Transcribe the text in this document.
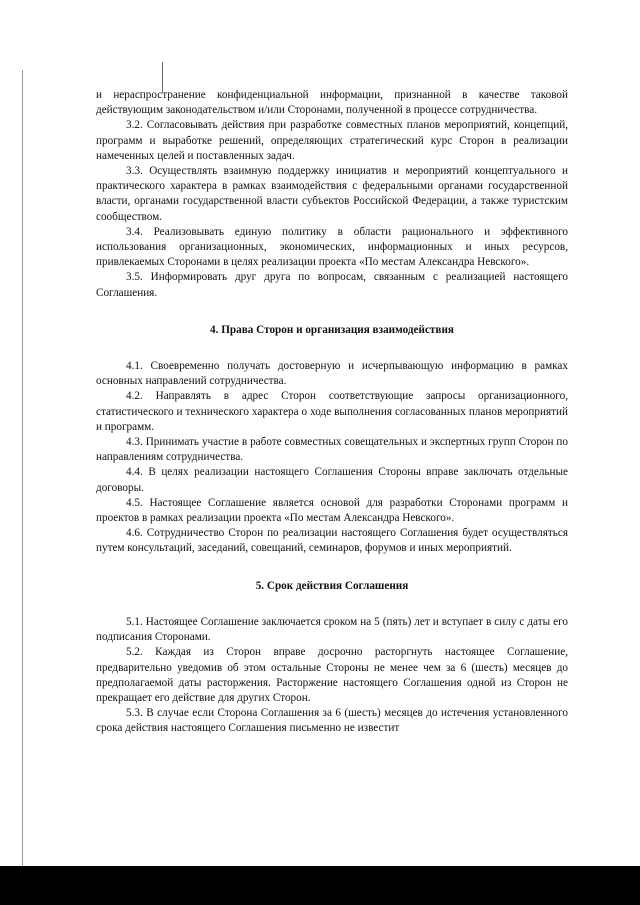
и нераспространение конфиденциальной информации, признанной в качестве таковой действующим законодательством и/или Сторонами, полученной в процессе сотрудничества.

3.2. Согласовывать действия при разработке совместных планов мероприятий, концепций, программ и выработке решений, определяющих стратегический курс Сторон в реализации намеченных целей и поставленных задач.

3.3. Осуществлять взаимную поддержку инициатив и мероприятий концептуального и практического характера в рамках взаимодействия с федеральными органами государственной власти, органами государственной власти субъектов Российской Федерации, а также туристским сообществом.

3.4. Реализовывать единую политику в области рационального и эффективного использования организационных, экономических, информационных и иных ресурсов, привлекаемых Сторонами в целях реализации проекта «По местам Александра Невского».

3.5. Информировать друг друга по вопросам, связанным с реализацией настоящего Соглашения.

4. Права Сторон и организация взаимодействия

4.1. Своевременно получать достоверную и исчерпывающую информацию в рамках основных направлений сотрудничества.

4.2. Направлять в адрес Сторон соответствующие запросы организационного, статистического и технического характера о ходе выполнения согласованных планов мероприятий и программ.

4.3. Принимать участие в работе совместных совещательных и экспертных групп Сторон по направлениям сотрудничества.

4.4. В целях реализации настоящего Соглашения Стороны вправе заключать отдельные договоры.

4.5. Настоящее Соглашение является основой для разработки Сторонами программ и проектов в рамках реализации проекта «По местам Александра Невского».

4.6. Сотрудничество Сторон по реализации настоящего Соглашения будет осуществляться путем консультаций, заседаний, совещаний, семинаров, форумов и иных мероприятий.

5. Срок действия Соглашения

5.1. Настоящее Соглашение заключается сроком на 5 (пять) лет и вступает в силу с даты его подписания Сторонами.

5.2. Каждая из Сторон вправе досрочно расторгнуть настоящее Соглашение, предварительно уведомив об этом остальные Стороны не менее чем за 6 (шесть) месяцев до предполагаемой даты расторжения. Расторжение настоящего Соглашения одной из Сторон не прекращает его действие для других Сторон.

5.3. В случае если Сторона Соглашения за 6 (шесть) месяцев до истечения установленного срока действия настоящего Соглашения письменно не известит
